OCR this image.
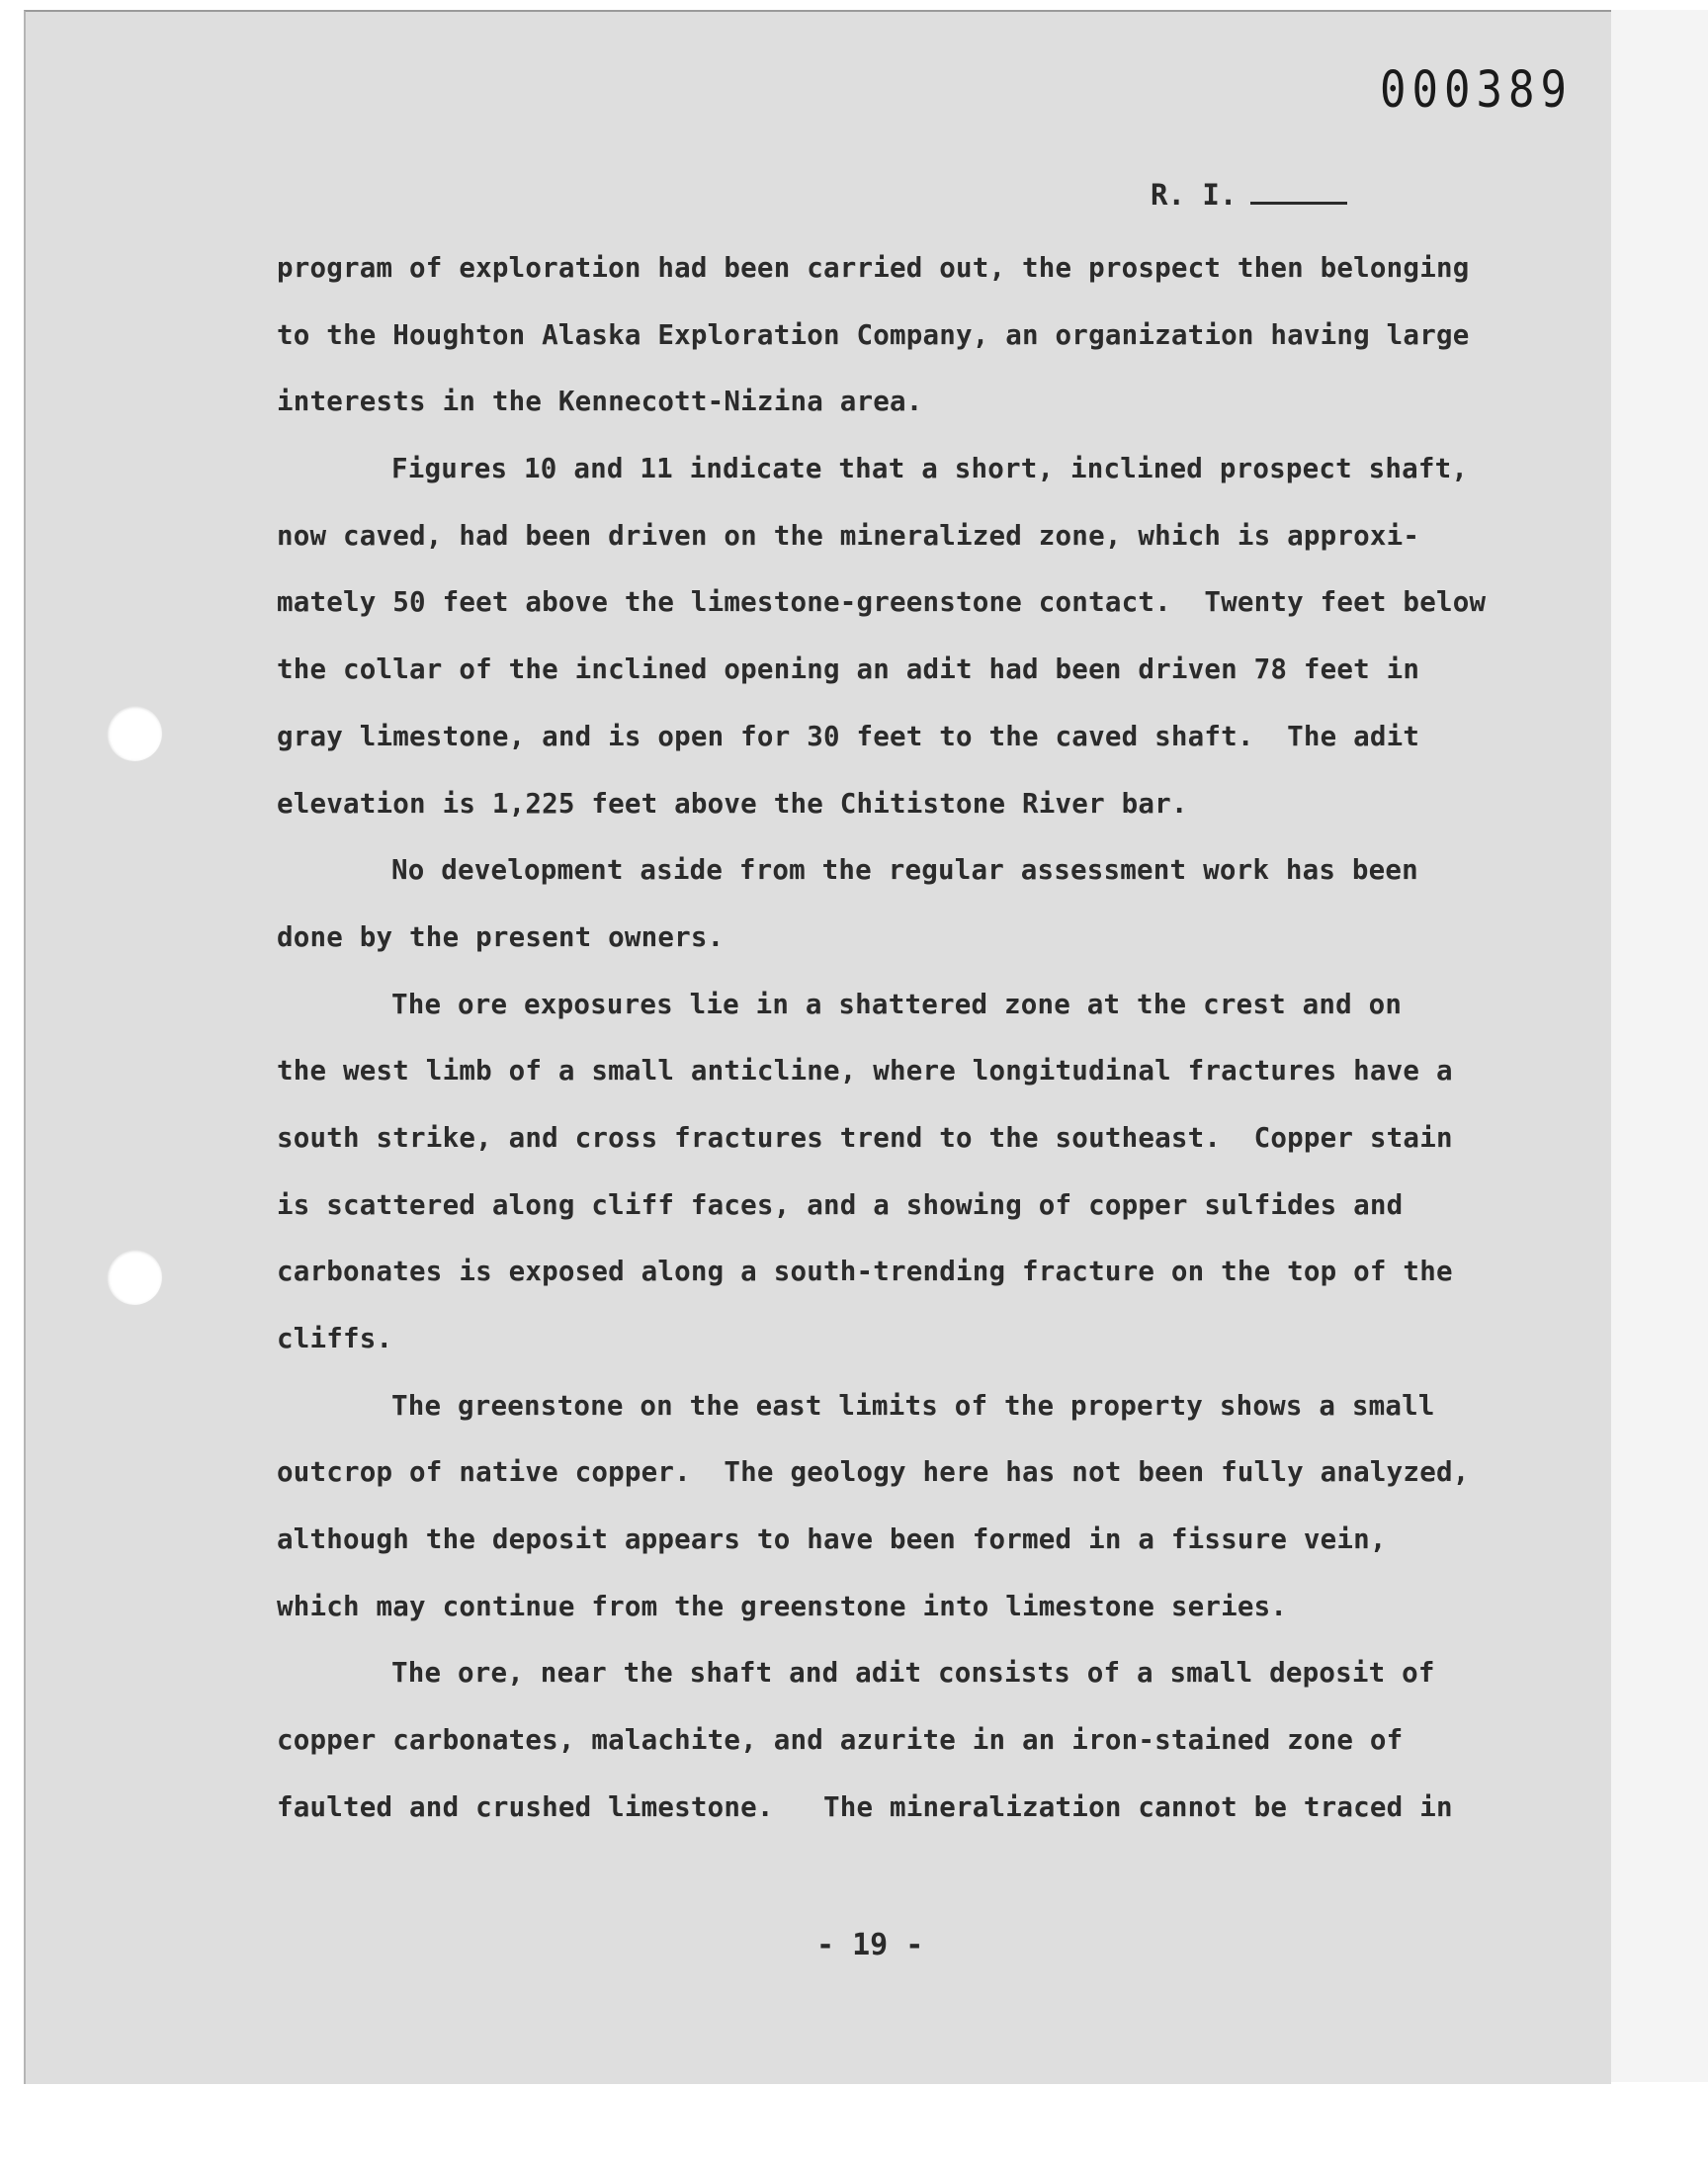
000389
R. I.
program of exploration had been carried out, the prospect then belonging
to the Houghton Alaska Exploration Company, an organization having large
interests in the Kennecott-Nizina area.
Figures 10 and 11 indicate that a short, inclined prospect shaft,
now caved, had been driven on the mineralized zone, which is approxi-
mately 50 feet above the limestone-greenstone contact.  Twenty feet below
the collar of the inclined opening an adit had been driven 78 feet in
gray limestone, and is open for 30 feet to the caved shaft.  The adit
elevation is 1,225 feet above the Chitistone River bar.
No development aside from the regular assessment work has been
done by the present owners.
The ore exposures lie in a shattered zone at the crest and on
the west limb of a small anticline, where longitudinal fractures have a
south strike, and cross fractures trend to the southeast.  Copper stain
is scattered along cliff faces, and a showing of copper sulfides and
carbonates is exposed along a south-trending fracture on the top of the
cliffs.
The greenstone on the east limits of the property shows a small
outcrop of native copper.  The geology here has not been fully analyzed,
although the deposit appears to have been formed in a fissure vein,
which may continue from the greenstone into limestone series.
The ore, near the shaft and adit consists of a small deposit of
copper carbonates, malachite, and azurite in an iron-stained zone of
faulted and crushed limestone.   The mineralization cannot be traced in
- 19 -
